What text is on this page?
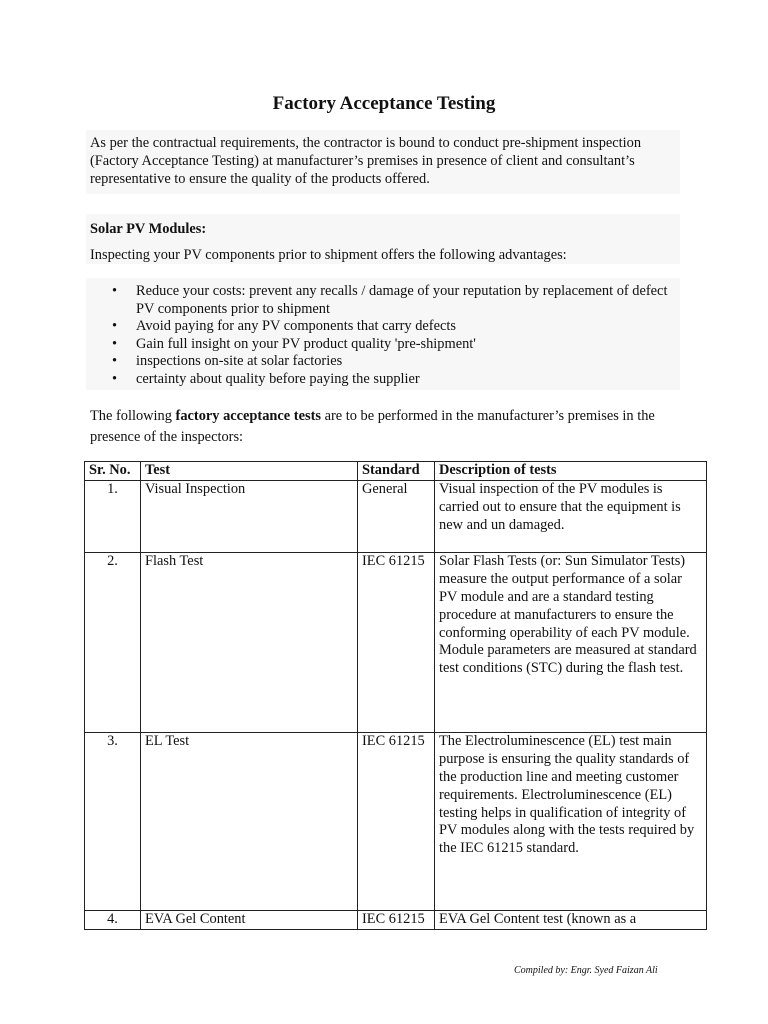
Factory Acceptance Testing
As per the contractual requirements, the contractor is bound to conduct pre-shipment inspection (Factory Acceptance Testing) at manufacturer’s premises in presence of client and consultant’s representative to ensure the quality of the products offered.
Solar PV Modules:
Inspecting your PV components prior to shipment offers the following advantages:
• Reduce your costs: prevent any recalls / damage of your reputation by replacement of defect PV components prior to shipment
• Avoid paying for any PV components that carry defects
• Gain full insight on your PV product quality 'pre-shipment'
• inspections on-site at solar factories
• certainty about quality before paying the supplier
The following factory acceptance tests are to be performed in the manufacturer’s premises in the presence of the inspectors:
Sr. No.	Test	Standard	Description of tests
1.	Visual Inspection	General	Visual inspection of the PV modules is carried out to ensure that the equipment is new and un damaged.
2.	Flash Test	IEC 61215	Solar Flash Tests (or: Sun Simulator Tests) measure the output performance of a solar PV module and are a standard testing procedure at manufacturers to ensure the conforming operability of each PV module. Module parameters are measured at standard test conditions (STC) during the flash test.
3.	EL Test	IEC 61215	The Electroluminescence (EL) test main purpose is ensuring the quality standards of the production line and meeting customer requirements. Electroluminescence (EL) testing helps in qualification of integrity of PV modules along with the tests required by the IEC 61215 standard.
4.	EVA Gel Content	IEC 61215	EVA Gel Content test (known as a
Compiled by: Engr. Syed Faizan Ali
